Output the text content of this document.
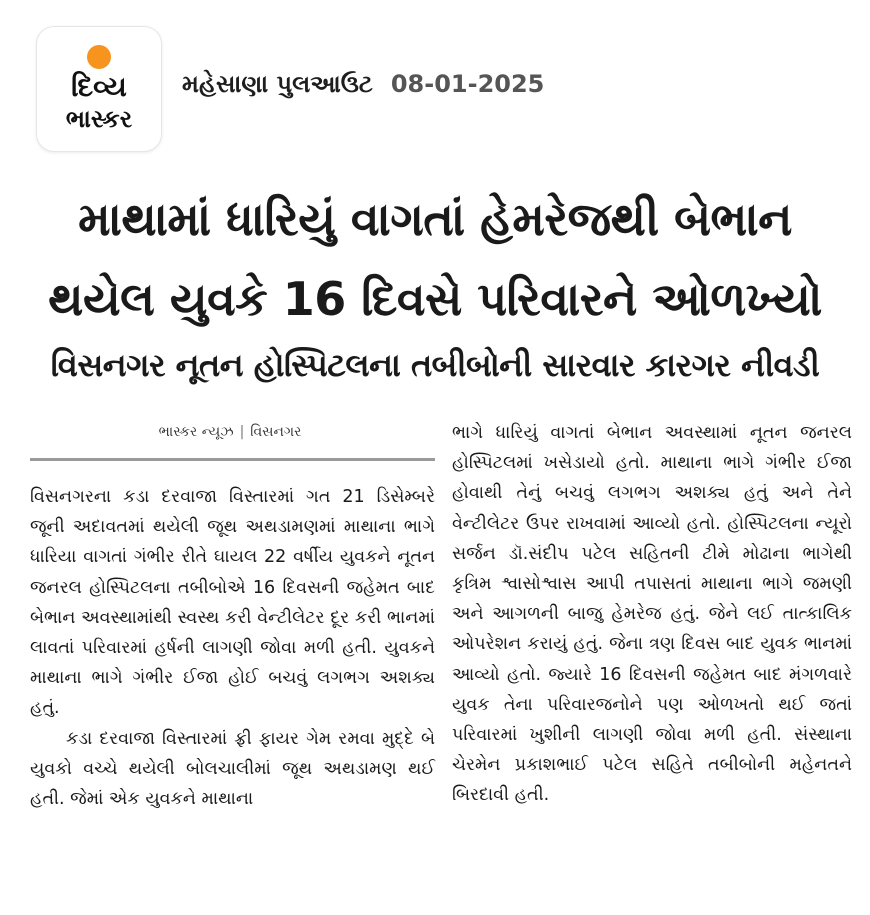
દિવ્ય
ભાસ્કર
મહેસાણા પુલઆઉટ 08-01-2025
માથામાં ધારિયું વાગતાં હેમરેજથી બેભાન
થયેલ યુવકે 16 દિવસે પરિવારને ઓળખ્યો
વિસનગર નૂતન હોસ્પિટલના તબીબોની સારવાર કારગર નીવડી
ભાસ્કર ન્યૂઝ | વિસનગર

વિસનગરના કડા દરવાજા વિસ્તારમાં ગત 21 ડિસેમ્બરે જૂની અદાવતમાં થયેલી જૂથ અથડામણમાં માથાના ભાગે ધારિયા વાગતાં ગંભીર રીતે ઘાયલ 22 વર્ષીય યુવકને નૂતન જનરલ હોસ્પિટલના તબીબોએ 16 દિવસની જહેમત બાદ બેભાન અવસ્થામાંથી સ્વસ્થ કરી વેન્ટીલેટર દૂર કરી ભાનમાં લાવતાં પરિવારમાં હર્ષની લાગણી જોવા મળી હતી. યુવકને માથાના ભાગે ગંભીર ઈજા હોઈ બચવું લગભગ અશક્ય હતું.

કડા દરવાજા વિસ્તારમાં ફ્રી ફાયર ગેમ રમવા મુદ્દે બે યુવકો વચ્ચે થયેલી બોલચાલીમાં જૂથ અથડામણ થઈ હતી. જેમાં એક યુવકને માથાના

ભાગે ધારિયું વાગતાં બેભાન અવસ્થામાં નૂતન જનરલ હોસ્પિટલમાં ખસેડાયો હતો. માથાના ભાગે ગંભીર ઈજા હોવાથી તેનું બચવું લગભગ અશક્ય હતું અને તેને વેન્ટીલેટર ઉપર રાખવામાં આવ્યો હતો. હોસ્પિટલના ન્યૂરો સર્જન ડૉ.સંદીપ પટેલ સહિતની ટીમે મોઢાના ભાગેથી કૃત્રિમ શ્વાસોશ્વાસ આપી તપાસતાં માથાના ભાગે જમણી અને આગળની બાજુ હેમરેજ હતું. જેને લઈ તાત્કાલિક ઓપરેશન કરાયું હતું. જેના ત્રણ દિવસ બાદ યુવક ભાનમાં આવ્યો હતો. જ્યારે 16 દિવસની જહેમત બાદ મંગળવારે યુવક તેના પરિવારજનોને પણ ઓળખતો થઈ જતાં પરિવારમાં ખુશીની લાગણી જોવા મળી હતી. સંસ્થાના ચેરમેન પ્રકાશભાઈ પટેલ સહિતે તબીબોની મહેનતને બિરદાવી હતી.
